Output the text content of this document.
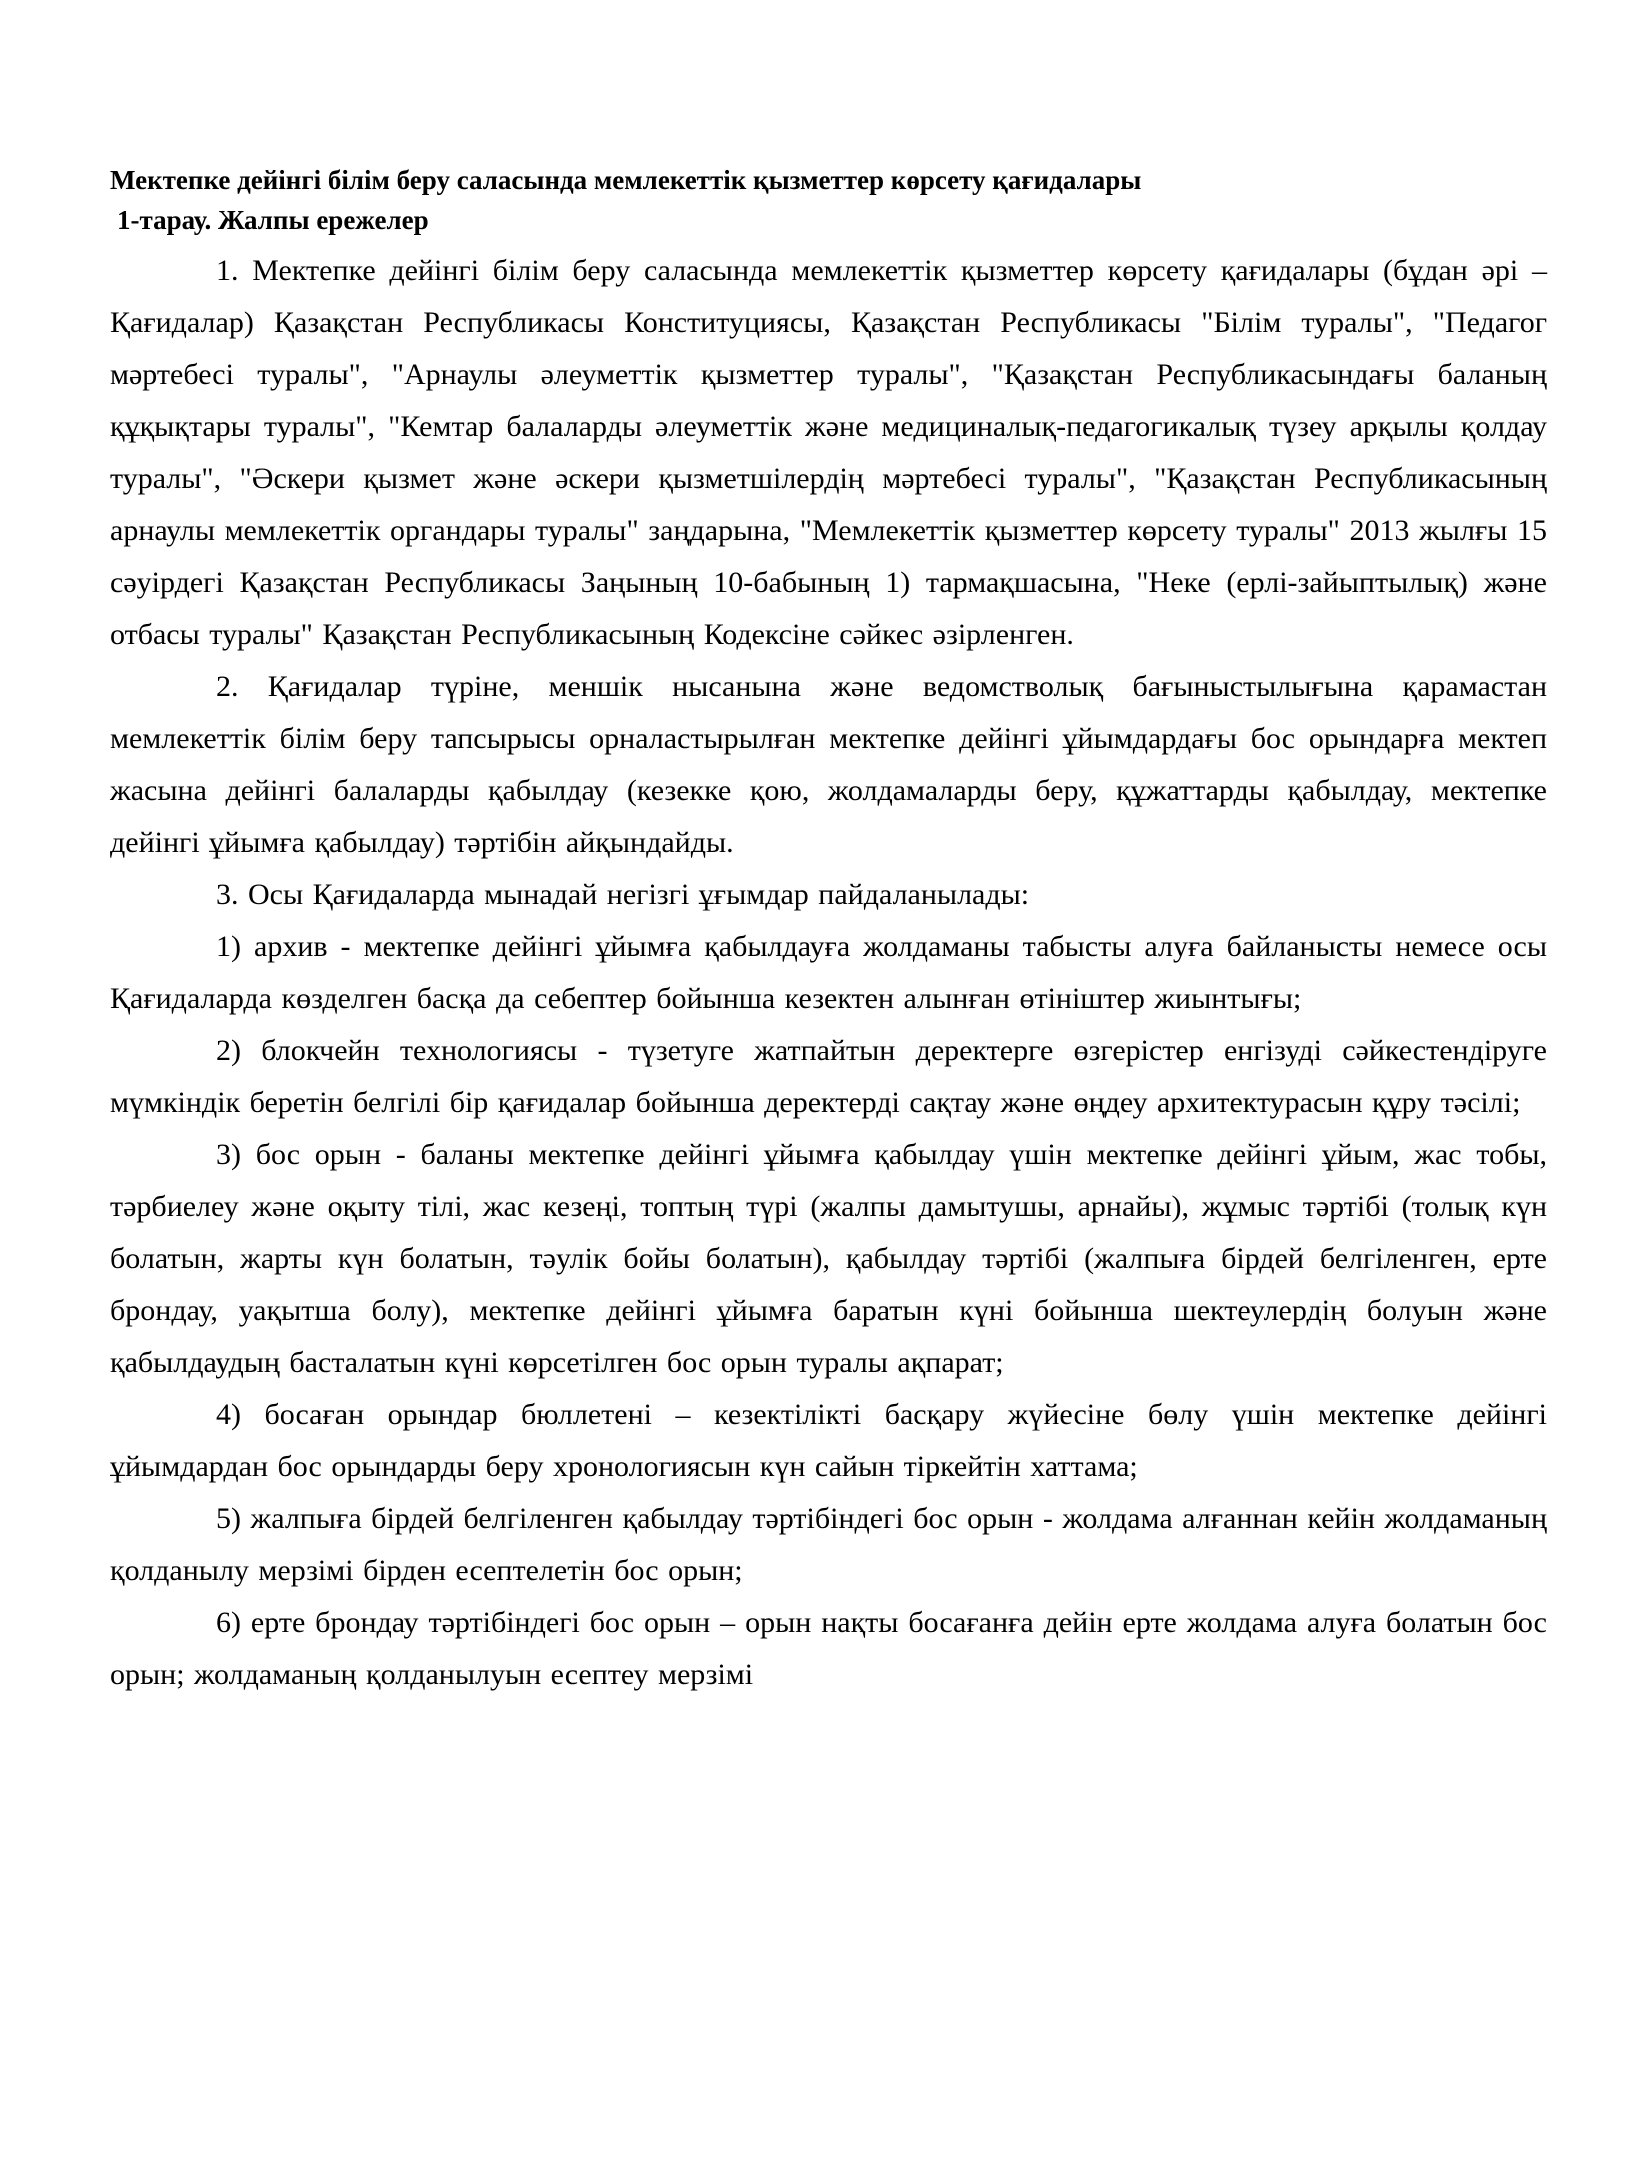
Мектепке дейінгі білім беру саласында мемлекеттік қызметтер көрсету қағидалары

1-тарау. Жалпы ережелер

1. Мектепке дейінгі білім беру саласында мемлекеттік қызметтер көрсету қағидалары (бұдан әрі – Қағидалар) Қазақстан Республикасы Конституциясы, Қазақстан Республикасы "Білім туралы", "Педагог мәртебесі туралы", "Арнаулы әлеуметтік қызметтер туралы", "Қазақстан Республикасындағы баланың құқықтары туралы", "Кемтар балаларды әлеуметтік және медициналық-педагогикалық түзеу арқылы қолдау туралы", "Әскери қызмет және әскери қызметшілердің мәртебесі туралы", "Қазақстан Республикасының арнаулы мемлекеттік органдары туралы" заңдарына, "Мемлекеттік қызметтер көрсету туралы" 2013 жылғы 15 сәуірдегі Қазақстан Республикасы Заңының 10-бабының 1) тармақшасына, "Неке (ерлі-зайыптылық) және отбасы туралы" Қазақстан Республикасының Кодексіне сәйкес әзірленген.

2. Қағидалар түріне, меншік нысанына және ведомстволық бағыныстылығына қарамастан мемлекеттік білім беру тапсырысы орналастырылған мектепке дейінгі ұйымдардағы бос орындарға мектеп жасына дейінгі балаларды қабылдау (кезекке қою, жолдамаларды беру, құжаттарды қабылдау, мектепке дейінгі ұйымға қабылдау) тәртібін айқындайды.

3. Осы Қағидаларда мынадай негізгі ұғымдар пайдаланылады:

1) архив - мектепке дейінгі ұйымға қабылдауға жолдаманы табысты алуға байланысты немесе осы Қағидаларда көзделген басқа да себептер бойынша кезектен алынған өтініштер жиынтығы;

2) блокчейн технологиясы - түзетуге жатпайтын деректерге өзгерістер енгізуді сәйкестендіруге мүмкіндік беретін белгілі бір қағидалар бойынша деректерді сақтау және өңдеу архитектурасын құру тәсілі;

3) бос орын - баланы мектепке дейінгі ұйымға қабылдау үшін мектепке дейінгі ұйым, жас тобы, тәрбиелеу және оқыту тілі, жас кезеңі, топтың түрі (жалпы дамытушы, арнайы), жұмыс тәртібі (толық күн болатын, жарты күн болатын, тәулік бойы болатын), қабылдау тәртібі (жалпыға бірдей белгіленген, ерте брондау, уақытша болу), мектепке дейінгі ұйымға баратын күні бойынша шектеулердің болуын және қабылдаудың басталатын күні көрсетілген бос орын туралы ақпарат;

4) босаған орындар бюллетені – кезектілікті басқару жүйесіне бөлу үшін мектепке дейінгі ұйымдардан бос орындарды беру хронологиясын күн сайын тіркейтін хаттама;

5) жалпыға бірдей белгіленген қабылдау тәртібіндегі бос орын - жолдама алғаннан кейін жолдаманың қолданылу мерзімі бірден есептелетін бос орын;

6) ерте брондау тәртібіндегі бос орын – орын нақты босағанға дейін ерте жолдама алуға болатын бос орын; жолдаманың қолданылуын есептеу мерзімі
